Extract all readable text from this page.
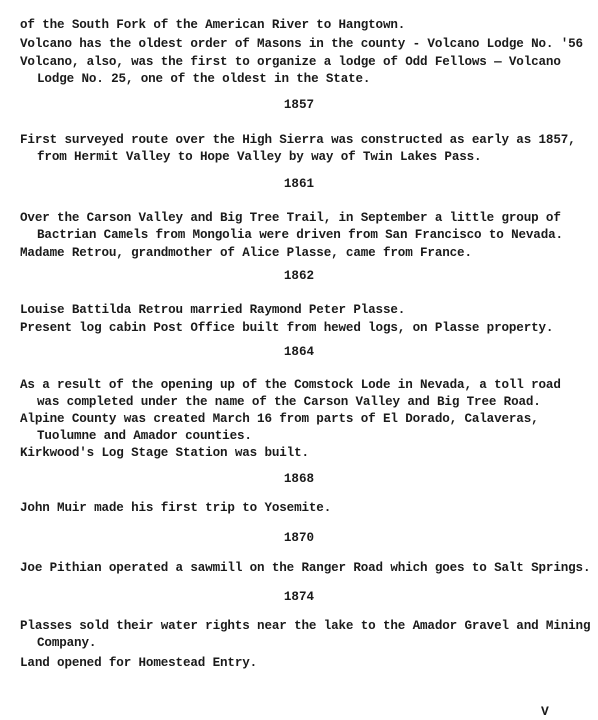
of the South Fork of the American River to Hangtown.
Volcano has the oldest order of Masons in the county - Volcano Lodge No. '56
Volcano, also, was the first to organize a lodge of Odd Fellows — Volcano
Lodge No. 25, one of the oldest in the State.
1857
First surveyed route over the High Sierra was constructed as early as 1857,
from Hermit Valley to Hope Valley by way of Twin Lakes Pass.
1861
Over the Carson Valley and Big Tree Trail, in September a little group of
Bactrian Camels from Mongolia were driven from San Francisco to Nevada.
Madame Retrou, grandmother of Alice Plasse, came from France.
1862
Louise Battilda Retrou married Raymond Peter Plasse.
Present log cabin Post Office built from hewed logs, on Plasse property.
1864
As a result of the opening up of the Comstock Lode in Nevada, a toll road
was completed under the name of the Carson Valley and Big Tree Road.
Alpine County was created March 16 from parts of El Dorado, Calaveras,
Tuolumne and Amador counties.
Kirkwood's Log Stage Station was built.
1868
John Muir made his first trip to Yosemite.
1870
Joe Pithian operated a sawmill on the Ranger Road which goes to Salt Springs.
1874
Plasses sold their water rights near the lake to the Amador Gravel and Mining
Company.
Land opened for Homestead Entry.
V
